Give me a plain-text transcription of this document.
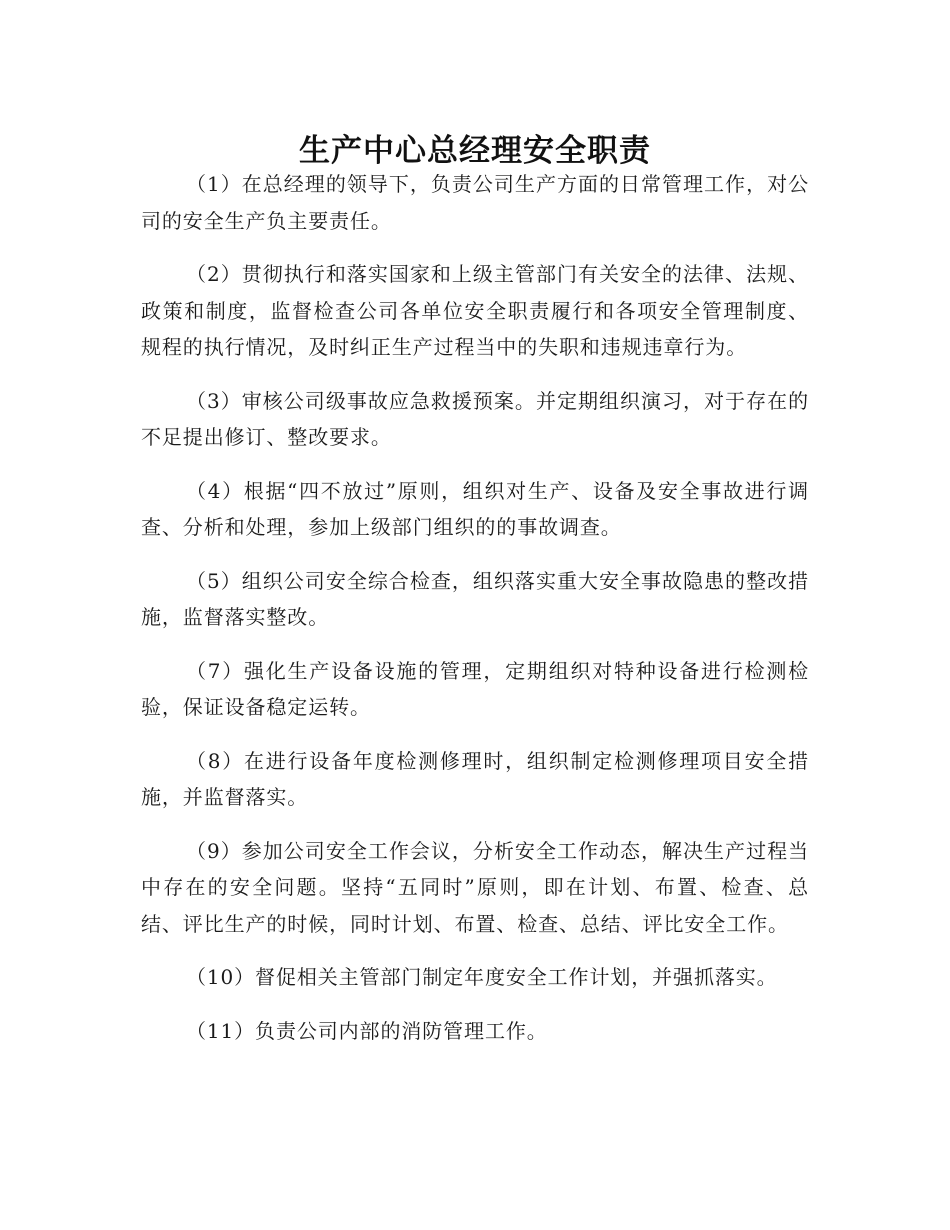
生产中心总经理安全职责

（1）在总经理的领导下，负责公司生产方面的日常管理工作，对公司的安全生产负主要责任。

（2）贯彻执行和落实国家和上级主管部门有关安全的法律、法规、政策和制度，监督检查公司各单位安全职责履行和各项安全管理制度、规程的执行情况，及时纠正生产过程当中的失职和违规违章行为。

（3）审核公司级事故应急救援预案。并定期组织演习，对于存在的不足提出修订、整改要求。

（4）根据“四不放过”原则，组织对生产、设备及安全事故进行调查、分析和处理，参加上级部门组织的的事故调查。

（5）组织公司安全综合检查，组织落实重大安全事故隐患的整改措施，监督落实整改。

（7）强化生产设备设施的管理，定期组织对特种设备进行检测检验，保证设备稳定运转。

（8）在进行设备年度检测修理时，组织制定检测修理项目安全措施，并监督落实。

（9）参加公司安全工作会议，分析安全工作动态，解决生产过程当中存在的安全问题。坚持“五同时”原则，即在计划、布置、检查、总结、评比生产的时候，同时计划、布置、检查、总结、评比安全工作。

（10）督促相关主管部门制定年度安全工作计划，并强抓落实。

（11）负责公司内部的消防管理工作。
